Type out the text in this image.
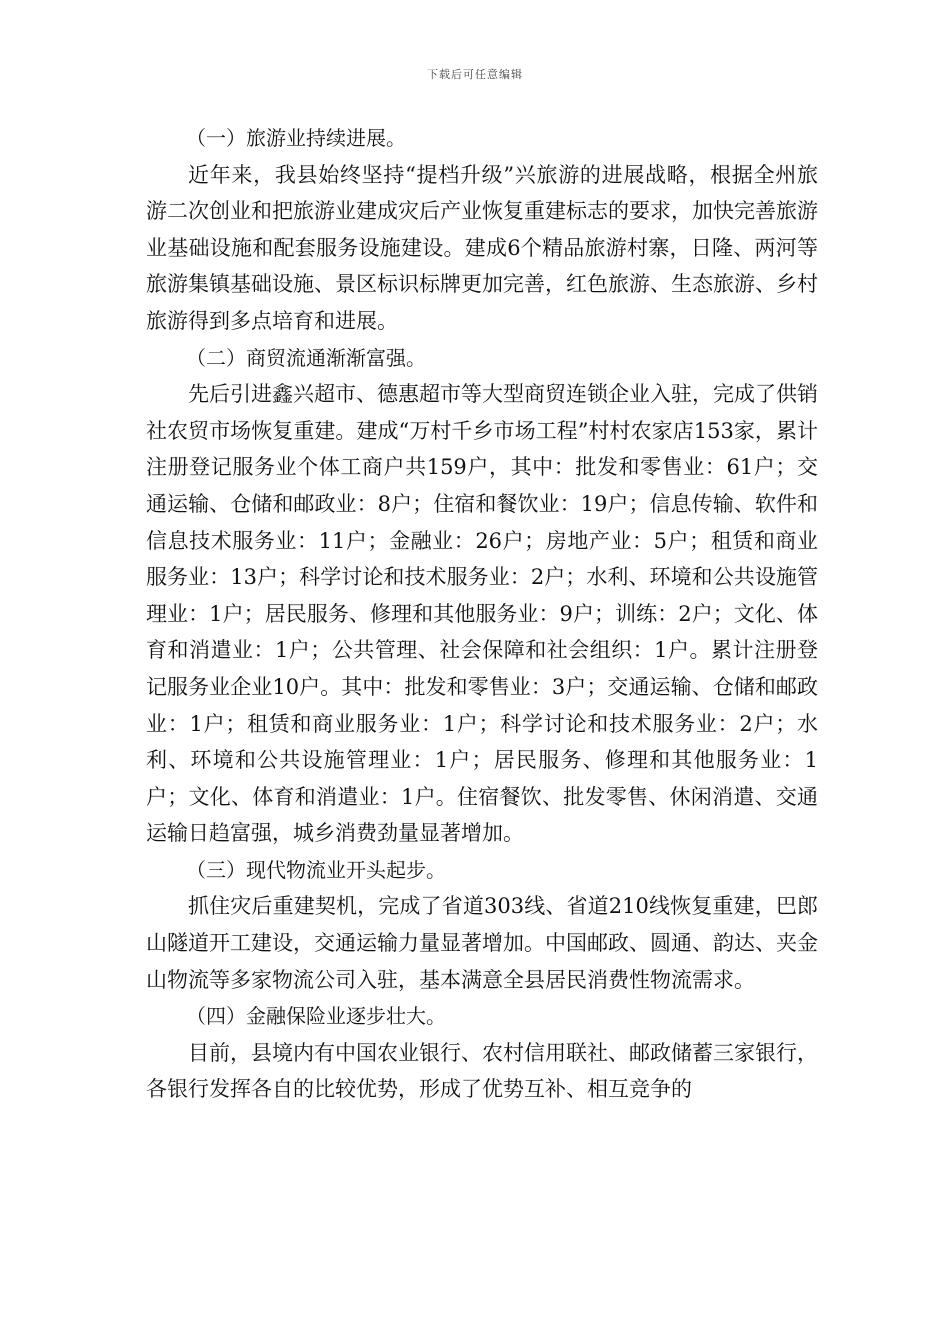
下载后可任意编辑

（一）旅游业持续进展。

近年来，我县始终坚持“提档升级”兴旅游的进展战略，根据全州旅游二次创业和把旅游业建成灾后产业恢复重建标志的要求，加快完善旅游业基础设施和配套服务设施建设。建成6个精品旅游村寨，日隆、两河等旅游集镇基础设施、景区标识标牌更加完善，红色旅游、生态旅游、乡村旅游得到多点培育和进展。

（二）商贸流通渐渐富强。

先后引进鑫兴超市、德惠超市等大型商贸连锁企业入驻，完成了供销社农贸市场恢复重建。建成“万村千乡市场工程”村村农家店153家，累计注册登记服务业个体工商户共159户，其中：批发和零售业：61户；交通运输、仓储和邮政业：8户；住宿和餐饮业：19户；信息传输、软件和信息技术服务业：11户；金融业：26户；房地产业：5户；租赁和商业服务业：13户；科学讨论和技术服务业：2户；水利、环境和公共设施管理业：1户；居民服务、修理和其他服务业：9户；训练：2户；文化、体育和消遣业：1户；公共管理、社会保障和社会组织：1户。累计注册登记服务业企业10户。其中：批发和零售业：3户；交通运输、仓储和邮政业：1户；租赁和商业服务业：1户；科学讨论和技术服务业：2户；水利、环境和公共设施管理业：1户；居民服务、修理和其他服务业：1户；文化、体育和消遣业：1户。住宿餐饮、批发零售、休闲消遣、交通运输日趋富强，城乡消费劲量显著增加。

（三）现代物流业开头起步。

抓住灾后重建契机，完成了省道303线、省道210线恢复重建，巴郎山隧道开工建设，交通运输力量显著增加。中国邮政、圆通、韵达、夹金山物流等多家物流公司入驻，基本满意全县居民消费性物流需求。

（四）金融保险业逐步壮大。

目前，县境内有中国农业银行、农村信用联社、邮政储蓄三家银行，各银行发挥各自的比较优势，形成了优势互补、相互竞争的
